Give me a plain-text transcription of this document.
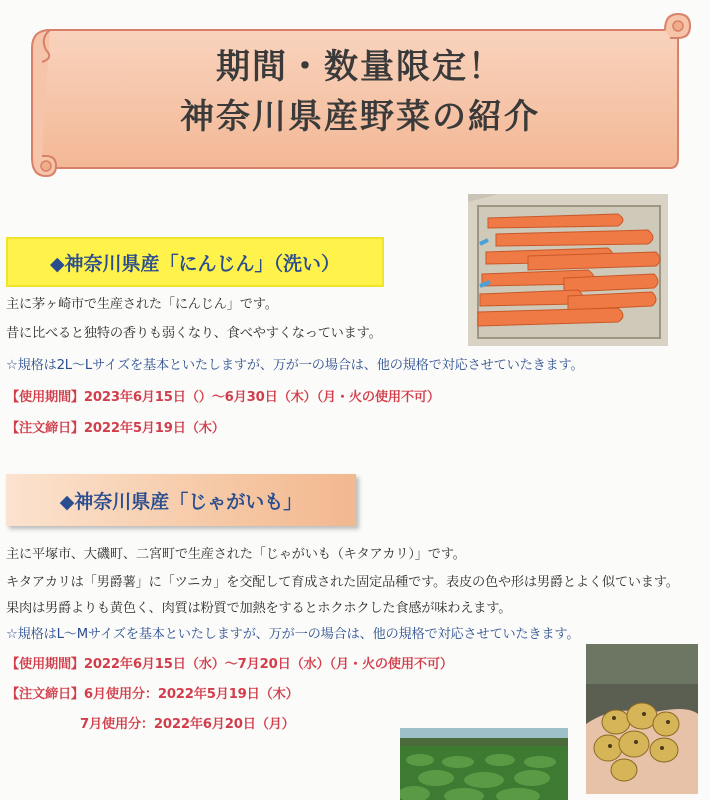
期間・数量限定！
神奈川県産野菜の紹介
◆神奈川県産「にんじん」（洗い）
主に茅ヶ崎市で生産された「にんじん」です。
昔に比べると独特の香りも弱くなり、食べやすくなっています。
☆規格は2L～Lサイズを基本といたしますが、万が一の場合は、他の規格で対応させていたきます。
【使用期間】2023年6月15日（）～6月30日（木）（月・火の使用不可）
【注文締日】2022年5月19日（木）
◆神奈川県産「じゃがいも」
主に平塚市、大磯町、二宮町で生産された「じゃがいも（キタアカリ）」です。
キタアカリは「男爵薯」に「ツニカ」を交配して育成された固定品種です。表皮の色や形は男爵とよく似ています。
果肉は男爵よりも黄色く、肉質は粉質で加熱をするとホクホクした食感が味わえます。
☆規格はL～Mサイズを基本といたしますが、万が一の場合は、他の規格で対応させていたきます。
【使用期間】2022年6月15日（水）～7月20日（水）（月・火の使用不可）
【注文締日】6月使用分：2022年5月19日（木）
7月使用分：2022年6月20日（月）
